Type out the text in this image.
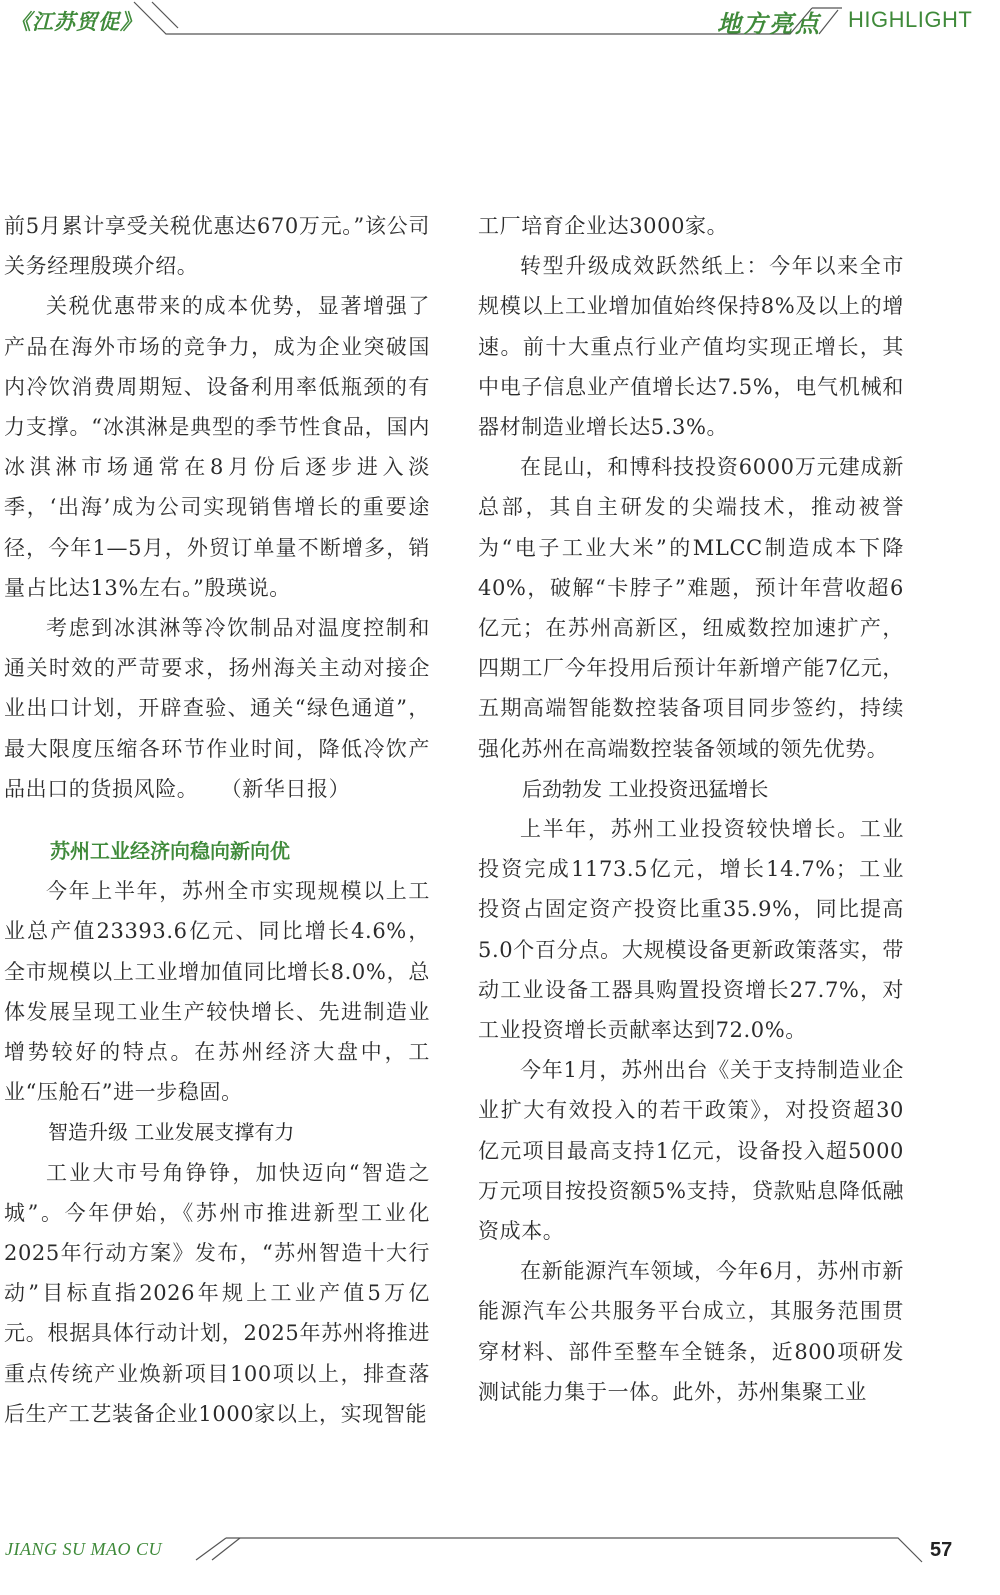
《江苏贸促》	地方亮点 HIGHLIGHT

前5月累计享受关税优惠达670万元。”该公司关务经理殷瑛介绍。

关税优惠带来的成本优势，显著增强了产品在海外市场的竞争力，成为企业突破国内冷饮消费周期短、设备利用率低瓶颈的有力支撑。“冰淇淋是典型的季节性食品，国内冰淇淋市场通常在8月份后逐步进入淡季，‘出海’成为公司实现销售增长的重要途径，今年1—5月，外贸订单量不断增多，销量占比达13%左右。”殷瑛说。

考虑到冰淇淋等冷饮制品对温度控制和通关时效的严苛要求，扬州海关主动对接企业出口计划，开辟查验、通关“绿色通道”，最大限度压缩各环节作业时间，降低冷饮产品出口的货损风险。　　 （新华日报）

苏州工业经济向稳向新向优

今年上半年，苏州全市实现规模以上工业总产值23393.6亿元、同比增长4.6%，全市规模以上工业增加值同比增长8.0%，总体发展呈现工业生产较快增长、先进制造业增势较好的特点。在苏州经济大盘中，工业“压舱石”进一步稳固。

智造升级 工业发展支撑有力

工业大市号角铮铮，加快迈向“智造之城”。今年伊始，《苏州市推进新型工业化2025年行动方案》发布，“苏州智造十大行动”目标直指2026年规上工业产值5万亿元。根据具体行动计划，2025年苏州将推进重点传统产业焕新项目100项以上，排查落后生产工艺装备企业1000家以上，实现智能

工厂培育企业达3000家。

转型升级成效跃然纸上：今年以来全市规模以上工业增加值始终保持8%及以上的增速。前十大重点行业产值均实现正增长，其中电子信息业产值增长达7.5%，电气机械和器材制造业增长达5.3%。

在昆山，和博科技投资6000万元建成新总部，其自主研发的尖端技术，推动被誉为“电子工业大米”的MLCC制造成本下降40%，破解“卡脖子”难题，预计年营收超6亿元；在苏州高新区，纽威数控加速扩产，四期工厂今年投用后预计年新增产能7亿元，五期高端智能数控装备项目同步签约，持续强化苏州在高端数控装备领域的领先优势。

后劲勃发 工业投资迅猛增长

上半年，苏州工业投资较快增长。工业投资完成1173.5亿元，增长14.7%；工业投资占固定资产投资比重35.9%，同比提高5.0个百分点。大规模设备更新政策落实，带动工业设备工器具购置投资增长27.7%，对工业投资增长贡献率达到72.0%。

今年1月，苏州出台《关于支持制造业企业扩大有效投入的若干政策》，对投资超30亿元项目最高支持1亿元，设备投入超5000万元项目按投资额5%支持，贷款贴息降低融资成本。

在新能源汽车领域，今年6月，苏州市新能源汽车公共服务平台成立，其服务范围贯穿材料、部件至整车全链条，近800项研发测试能力集于一体。此外，苏州集聚工业

JIANG SU MAO CU	57
